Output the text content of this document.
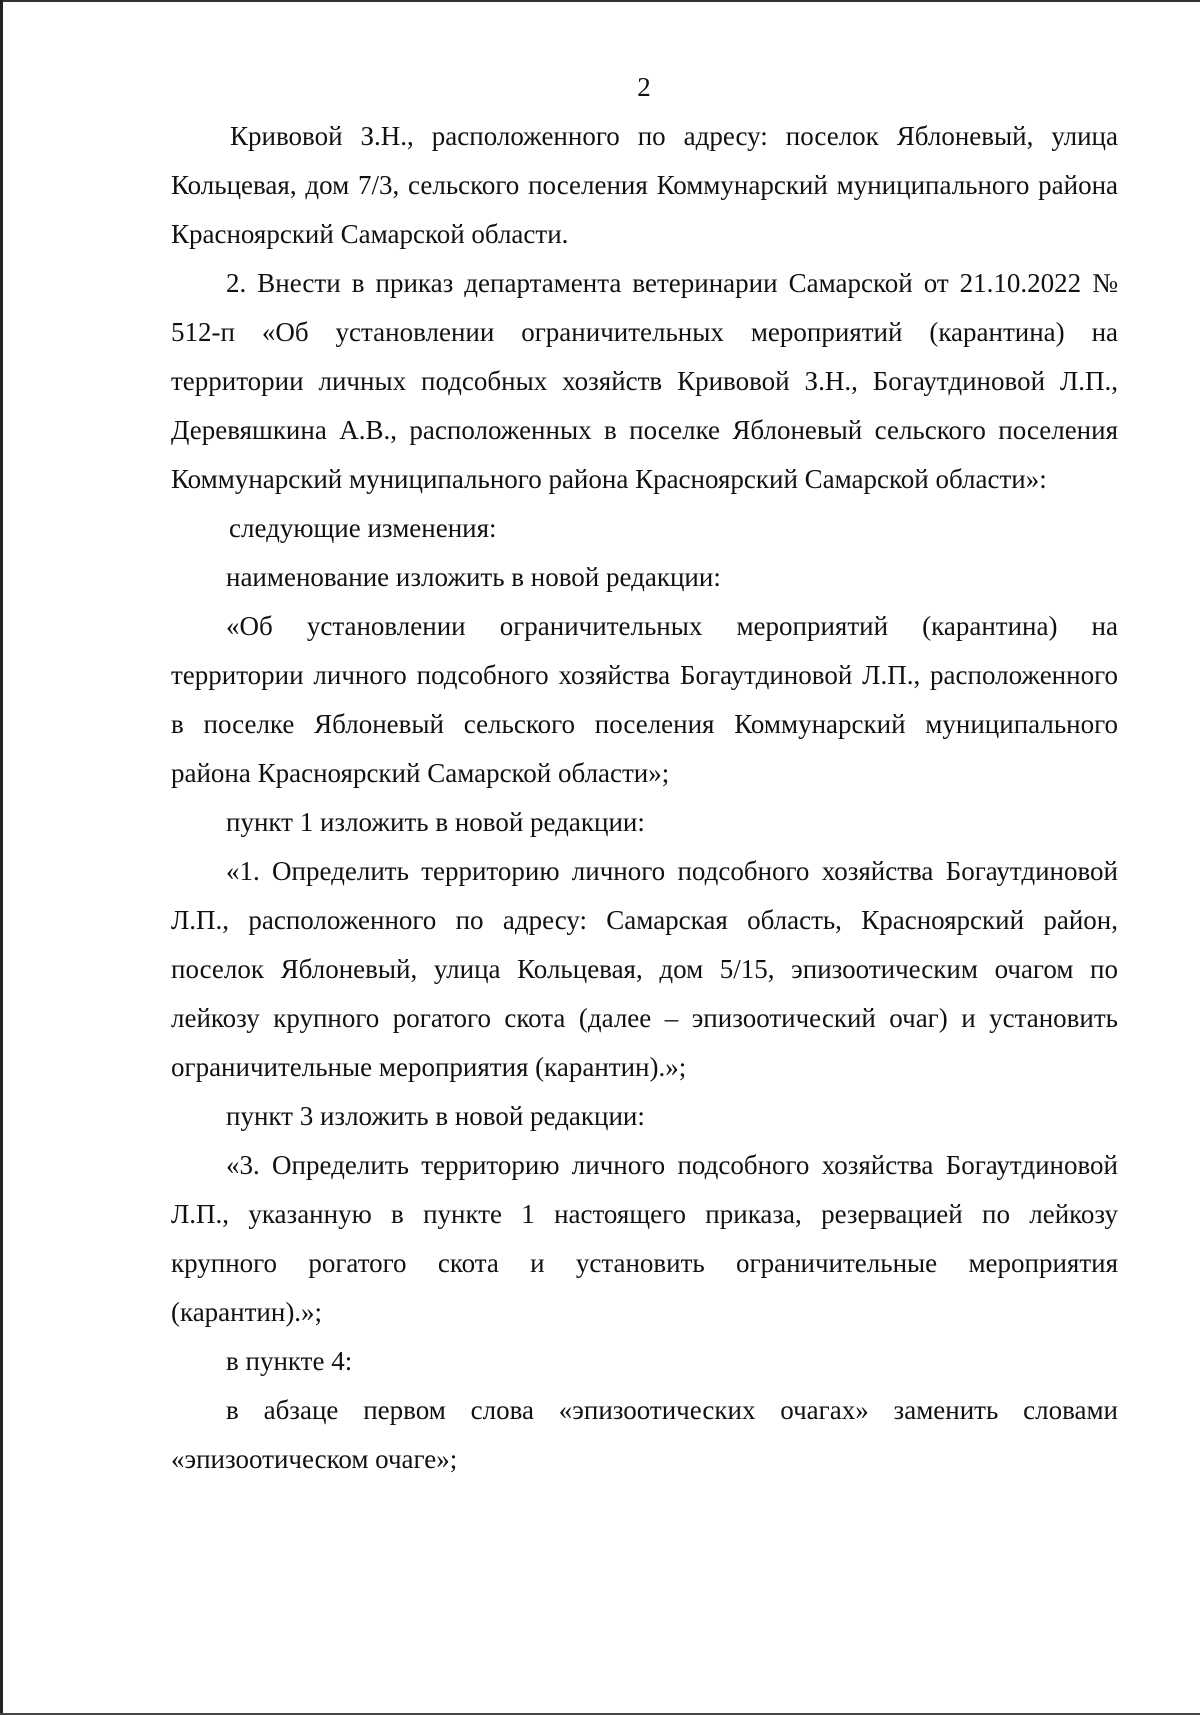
2

Кривовой З.Н., расположенного по адресу: поселок Яблоневый, улица Кольцевая, дом 7/3, сельского поселения Коммунарский муниципального района Красноярский Самарской области.

2. Внести в приказ департамента ветеринарии Самарской от 21.10.2022 № 512-п «Об установлении ограничительных мероприятий (карантина) на территории личных подсобных хозяйств Кривовой З.Н., Богаутдиновой Л.П., Деревяшкина А.В., расположенных в поселке Яблоневый сельского поселения Коммунарский муниципального района Красноярский Самарской области»:

следующие изменения:

наименование изложить в новой редакции:

«Об установлении ограничительных мероприятий (карантина) на территории личного подсобного хозяйства Богаутдиновой Л.П., расположенного в поселке Яблоневый сельского поселения Коммунарский муниципального района Красноярский Самарской области»;

пункт 1 изложить в новой редакции:

«1. Определить территорию личного подсобного хозяйства Богаутдиновой Л.П., расположенного по адресу: Самарская область, Красноярский район, поселок Яблоневый, улица Кольцевая, дом 5/15, эпизоотическим очагом по лейкозу крупного рогатого скота (далее – эпизоотический очаг) и установить ограничительные мероприятия (карантин).»;

пункт 3 изложить в новой редакции:

«3. Определить территорию личного подсобного хозяйства Богаутдиновой Л.П., указанную в пункте 1 настоящего приказа, резервацией по лейкозу крупного рогатого скота и установить ограничительные мероприятия (карантин).»;

в пункте 4:

в абзаце первом слова «эпизоотических очагах» заменить словами «эпизоотическом очаге»;
